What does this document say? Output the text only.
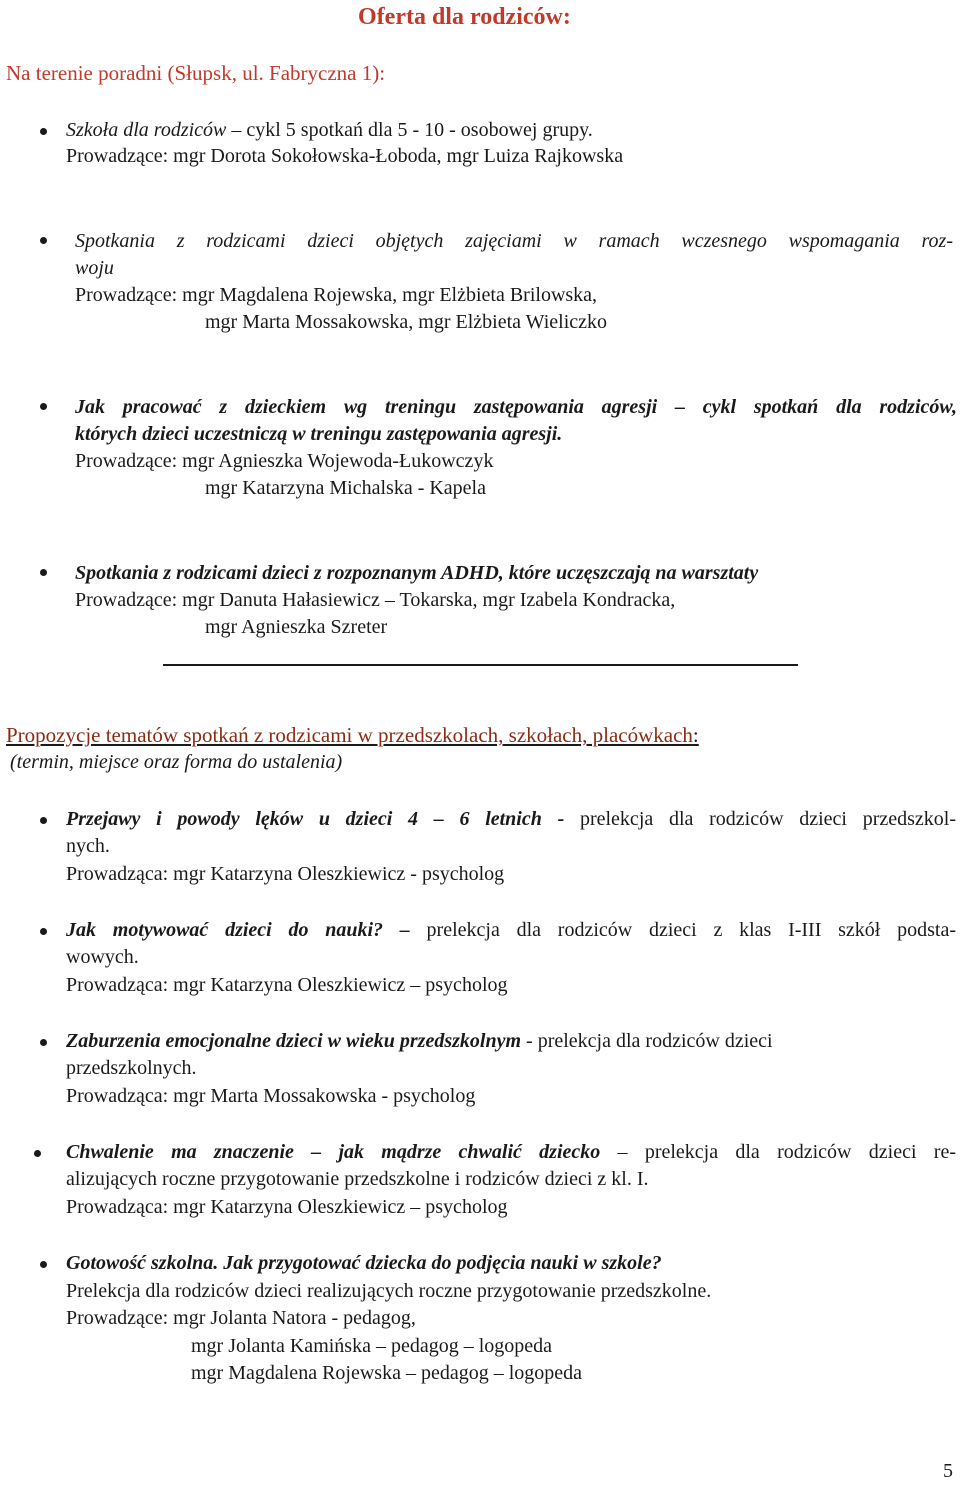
Oferta dla rodziców:
Na terenie poradni (Słupsk, ul. Fabryczna 1):
Szkoła dla rodziców – cykl 5 spotkań dla 5 - 10 - osobowej grupy.
Prowadzące: mgr Dorota Sokołowska-Łoboda, mgr Luiza Rajkowska
Spotkania z rodzicami dzieci objętych zajęciami w ramach wczesnego wspomagania roz-
woju
Prowadzące: mgr Magdalena Rojewska, mgr Elżbieta Brilowska,
mgr Marta Mossakowska, mgr Elżbieta Wieliczko
Jak pracować z dzieckiem wg treningu zastępowania agresji – cykl spotkań dla rodziców,
których dzieci uczestniczą w treningu zastępowania agresji.
Prowadzące: mgr Agnieszka Wojewoda-Łukowczyk
mgr Katarzyna Michalska - Kapela
Spotkania z rodzicami dzieci z rozpoznanym ADHD, które uczęszczają na warsztaty
Prowadzące: mgr Danuta Hałasiewicz – Tokarska, mgr Izabela Kondracka,
mgr Agnieszka Szreter
Propozycje tematów spotkań z rodzicami w przedszkolach, szkołach, placówkach:
(termin, miejsce oraz forma do ustalenia)
Przejawy i powody lęków u dzieci 4 – 6 letnich - prelekcja dla rodziców dzieci przedszkol-
nych.
Prowadząca: mgr Katarzyna Oleszkiewicz - psycholog
Jak motywować dzieci do nauki? – prelekcja dla rodziców dzieci z klas I-III szkół podsta-
wowych.
Prowadząca: mgr Katarzyna Oleszkiewicz – psycholog
Zaburzenia emocjonalne dzieci w wieku przedszkolnym - prelekcja dla rodziców dzieci
przedszkolnych.
Prowadząca: mgr Marta Mossakowska - psycholog
Chwalenie ma znaczenie – jak mądrze chwalić dziecko – prelekcja dla rodziców dzieci re-
alizujących roczne przygotowanie przedszkolne i rodziców dzieci z kl. I.
Prowadząca: mgr Katarzyna Oleszkiewicz – psycholog
Gotowość szkolna. Jak przygotować dziecka do podjęcia nauki w szkole?
Prelekcja dla rodziców dzieci realizujących roczne przygotowanie przedszkolne.
Prowadzące: mgr Jolanta Natora - pedagog,
mgr Jolanta Kamińska – pedagog – logopeda
mgr Magdalena Rojewska – pedagog – logopeda
5
